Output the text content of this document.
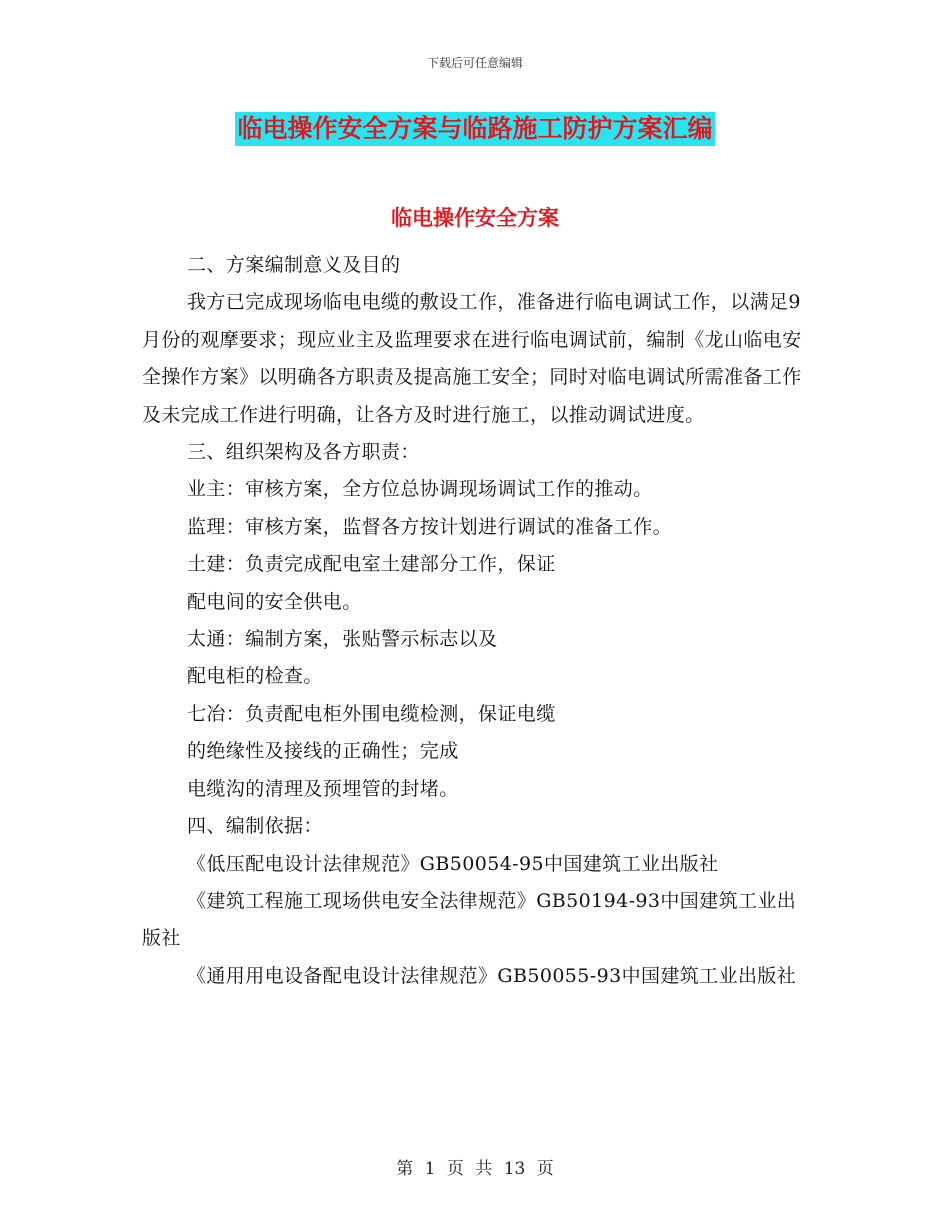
下载后可任意编辑
临电操作安全方案与临路施工防护方案汇编
临电操作安全方案

二、方案编制意义及目的

我方已完成现场临电电缆的敷设工作，准备进行临电调试工作，以满足9月份的观摩要求；现应业主及监理要求在进行临电调试前，编制《龙山临电安全操作方案》以明确各方职责及提高施工安全；同时对临电调试所需准备工作及未完成工作进行明确，让各方及时进行施工，以推动调试进度。

三、组织架构及各方职责：

业主：审核方案，全方位总协调现场调试工作的推动。

监理：审核方案，监督各方按计划进行调试的准备工作。

土建：负责完成配电室土建部分工作，保证

配电间的安全供电。

太通：编制方案，张贴警示标志以及

配电柜的检查。

七冶：负责配电柜外围电缆检测，保证电缆

的绝缘性及接线的正确性；完成

电缆沟的清理及预埋管的封堵。

四、编制依据：

《低压配电设计法律规范》GB50054-95中国建筑工业出版社

《建筑工程施工现场供电安全法律规范》GB50194-93中国建筑工业出版社

《通用用电设备配电设计法律规范》GB50055-93中国建筑工业出版社

第 1 页 共 13 页
